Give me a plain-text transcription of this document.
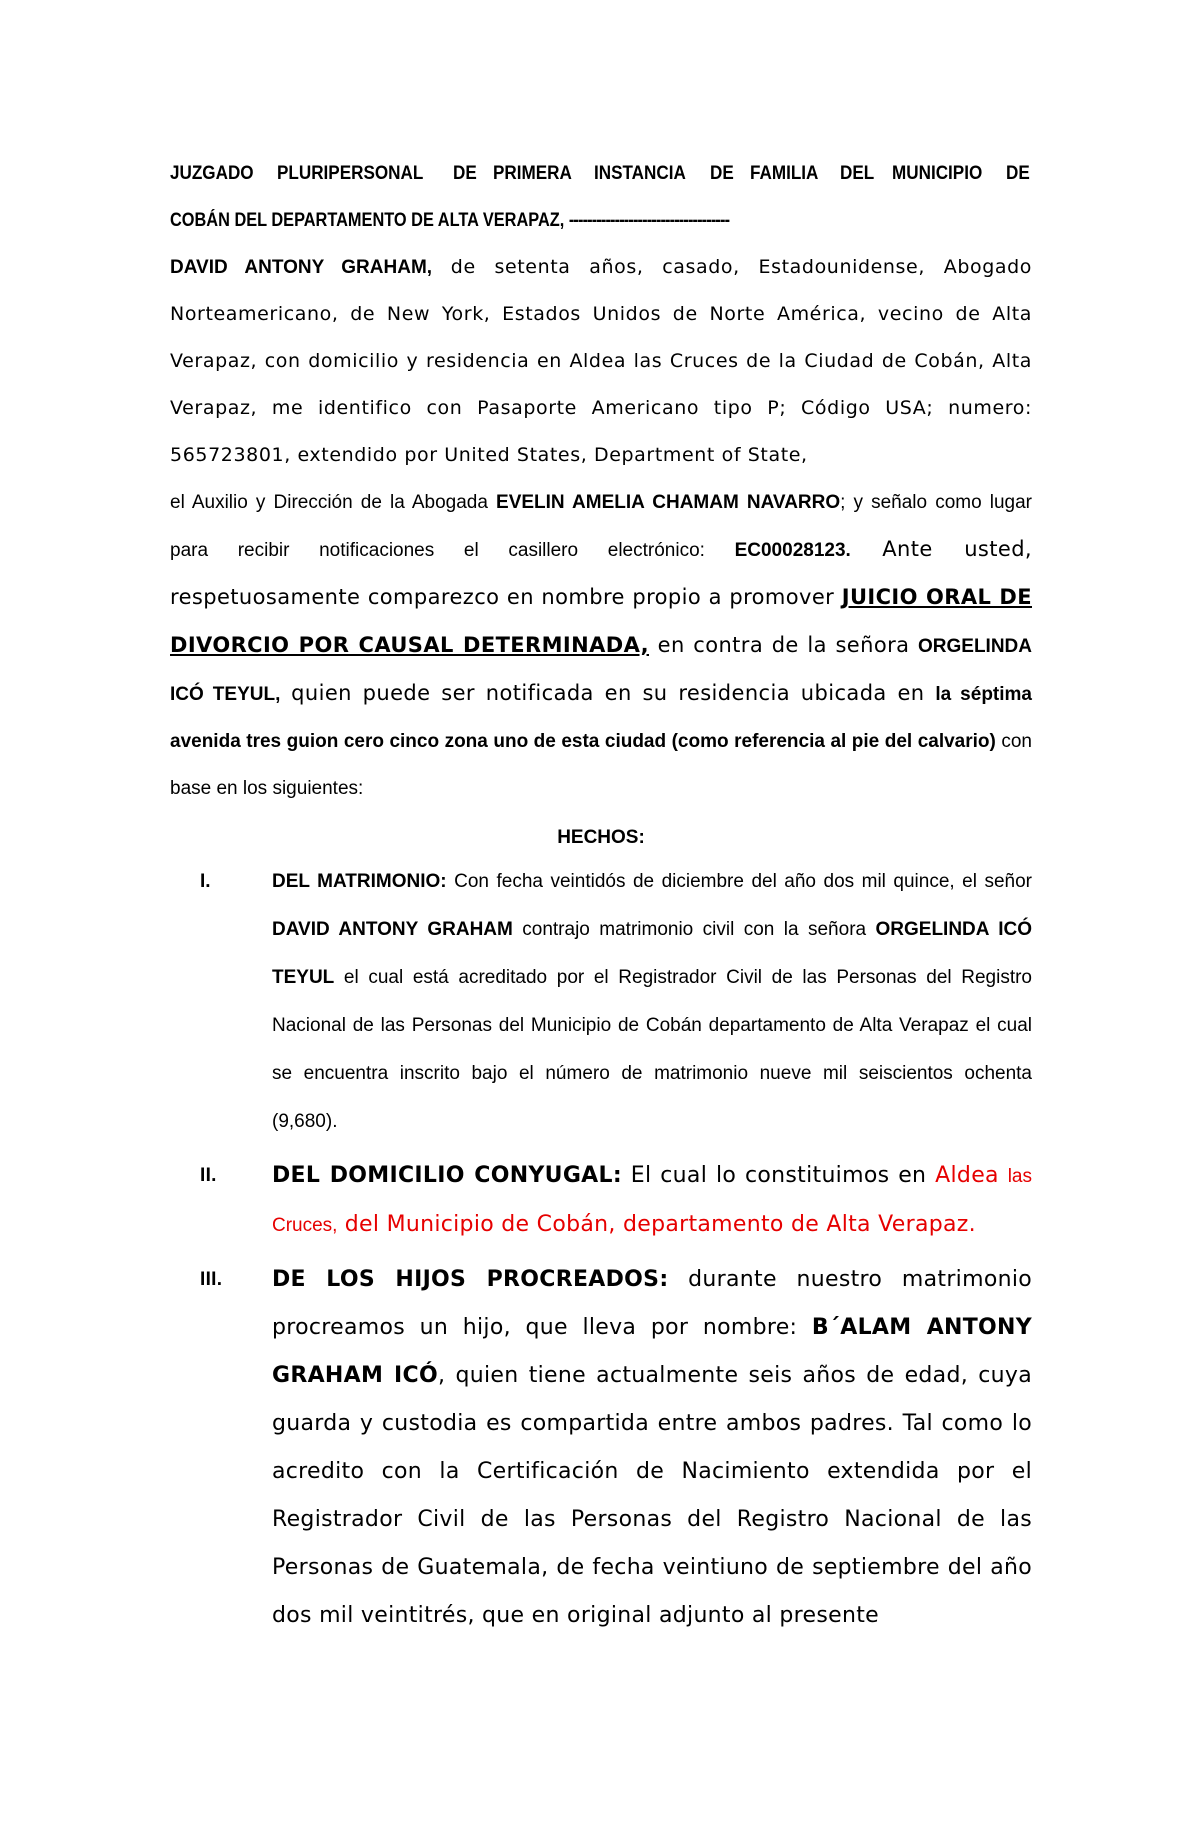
JUZGADO PLURIPERSONAL DE PRIMERA INSTANCIA DE FAMILIA DEL MUNICIPIO DE
COBÁN DEL DEPARTAMENTO DE ALTA VERAPAZ, -----------------------------------
DAVID ANTONY GRAHAM, de setenta años, casado, Estadounidense, Abogado Norteamericano, de New York, Estados Unidos de Norte América, vecino de Alta Verapaz, con domicilio y residencia en Aldea las Cruces de la Ciudad de Cobán, Alta Verapaz, me identifico con Pasaporte Americano tipo P; Código USA; numero: 565723801, extendido por United States, Department of State,
el Auxilio y Dirección de la Abogada EVELIN AMELIA CHAMAM NAVARRO; y señalo como lugar para recibir notificaciones el casillero electrónico: EC00028123. Ante usted, respetuosamente comparezco en nombre propio a promover JUICIO ORAL DE DIVORCIO POR CAUSAL DETERMINADA, en contra de la señora ORGELINDA ICÓ TEYUL, quien puede ser notificada en su residencia ubicada en la séptima avenida tres guion cero cinco zona uno de esta ciudad (como referencia al pie del calvario) con base en los siguientes:
HECHOS:
I.	DEL MATRIMONIO: Con fecha veintidós de diciembre del año dos mil quince, el señor DAVID ANTONY GRAHAM contrajo matrimonio civil con la señora ORGELINDA ICÓ TEYUL el cual está acreditado por el Registrador Civil de las Personas del Registro Nacional de las Personas del Municipio de Cobán departamento de Alta Verapaz el cual se encuentra inscrito bajo el número de matrimonio nueve mil seiscientos ochenta (9,680).
II.	DEL DOMICILIO CONYUGAL: El cual lo constituimos en Aldea las Cruces, del Municipio de Cobán, departamento de Alta Verapaz.
III. DE LOS HIJOS PROCREADOS: durante nuestro matrimonio procreamos un hijo, que lleva por nombre: B´ALAM ANTONY GRAHAM ICÓ, quien tiene actualmente seis años de edad, cuya guarda y custodia es compartida entre ambos padres. Tal como lo acredito con la Certificación de Nacimiento extendida por el Registrador Civil de las Personas del Registro Nacional de las Personas de Guatemala, de fecha veintiuno de septiembre del año dos mil veintitrés, que en original adjunto al presente
